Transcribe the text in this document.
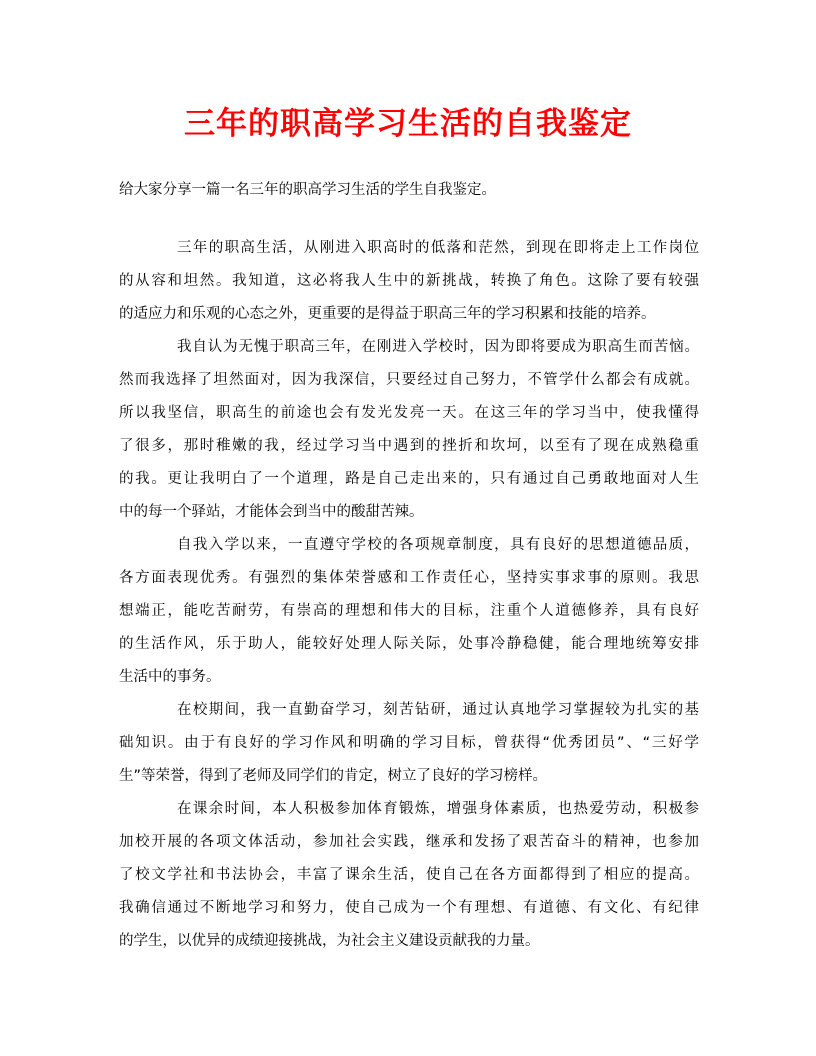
三年的职高学习生活的自我鉴定
给大家分享一篇一名三年的职高学习生活的学生自我鉴定。
三年的职高生活，从刚进入职高时的低落和茫然，到现在即将走上工作岗位
的从容和坦然。我知道，这必将我人生中的新挑战，转换了角色。这除了要有较强
的适应力和乐观的心态之外，更重要的是得益于职高三年的学习积累和技能的培养。
我自认为无愧于职高三年，在刚进入学校时，因为即将要成为职高生而苦恼。
然而我选择了坦然面对，因为我深信，只要经过自己努力，不管学什么都会有成就。
所以我坚信，职高生的前途也会有发光发亮一天。在这三年的学习当中，使我懂得
了很多，那时稚嫩的我，经过学习当中遇到的挫折和坎坷，以至有了现在成熟稳重
的我。更让我明白了一个道理，路是自己走出来的，只有通过自己勇敢地面对人生
中的每一个驿站，才能体会到当中的酸甜苦辣。
自我入学以来，一直遵守学校的各项规章制度，具有良好的思想道德品质，
各方面表现优秀。有强烈的集体荣誉感和工作责任心，坚持实事求事的原则。我思
想端正，能吃苦耐劳，有崇高的理想和伟大的目标，注重个人道德修养，具有良好
的生活作风，乐于助人，能较好处理人际关际，处事冷静稳健，能合理地统筹安排
生活中的事务。
在校期间，我一直勤奋学习，刻苦钻研，通过认真地学习掌握较为扎实的基
础知识。由于有良好的学习作风和明确的学习目标，曾获得“优秀团员”、“三好学
生”等荣誉，得到了老师及同学们的肯定，树立了良好的学习榜样。
在课余时间，本人积极参加体育锻炼，增强身体素质，也热爱劳动，积极参
加校开展的各项文体活动，参加社会实践，继承和发扬了艰苦奋斗的精神，也参加
了校文学社和书法协会，丰富了课余生活，使自己在各方面都得到了相应的提高。
我确信通过不断地学习和努力，使自己成为一个有理想、有道德、有文化、有纪律
的学生，以优异的成绩迎接挑战，为社会主义建设贡献我的力量。
